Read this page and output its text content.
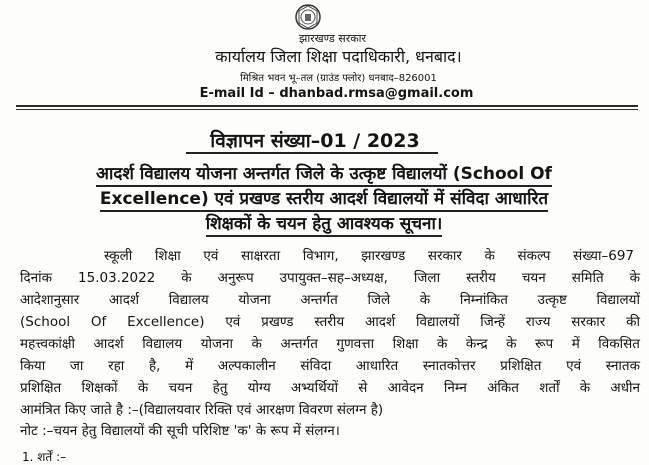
झारखण्ड सरकार
कार्यालय जिला शिक्षा पदाधिकारी, धनबाद।
मिश्रित भवन भू–तल (ग्राउंड फ्लोर) धनबाद–826001
E-mail Id – dhanbad.rmsa@gmail.com
विज्ञापन संख्या–01 / 2023
आदर्श विद्यालय योजना अन्तर्गत जिले के उत्कृष्ट विद्यालयों (School Of
Excellence) एवं प्रखण्ड स्तरीय आदर्श विद्यालयों में संविदा आधारित
शिक्षकों के चयन हेतु आवश्यक सूचना।
स्कूली शिक्षा एवं साक्षरता विभाग, झारखण्ड सरकार के संकल्प संख्या–697
दिनांक 15.03.2022 के अनुरूप उपायुक्त–सह–अध्यक्ष, जिला स्तरीय चयन समिति के
आदेशानुसार आदर्श विद्यालय योजना अन्तर्गत जिले के निम्नांकित उत्कृष्ट विद्यालयों
(School Of Excellence) एवं प्रखण्ड स्तरीय आदर्श विद्यालयों जिन्हें राज्य सरकार की
महत्त्वकांक्षी आदर्श विद्यालय योजना के अन्तर्गत गुणवत्ता शिक्षा के केन्द्र के रूप में विकसित
किया जा रहा है, में अल्पकालीन संविदा आधारित स्नातकोत्तर प्रशिक्षित एवं स्नातक
प्रशिक्षित शिक्षकों के चयन हेतु योग्य अभ्यर्थियों से आवेदन निम्न अंकित शर्तों के अधीन
आमंत्रित किए जाते है :–(विद्यालयवार रिक्ति एवं आरक्षण विवरण संलग्न है)
नोट :–चयन हेतु विद्यालयों की सूची परिशिष्ट 'क' के रूप में संलग्न।
1. शर्तें :–
